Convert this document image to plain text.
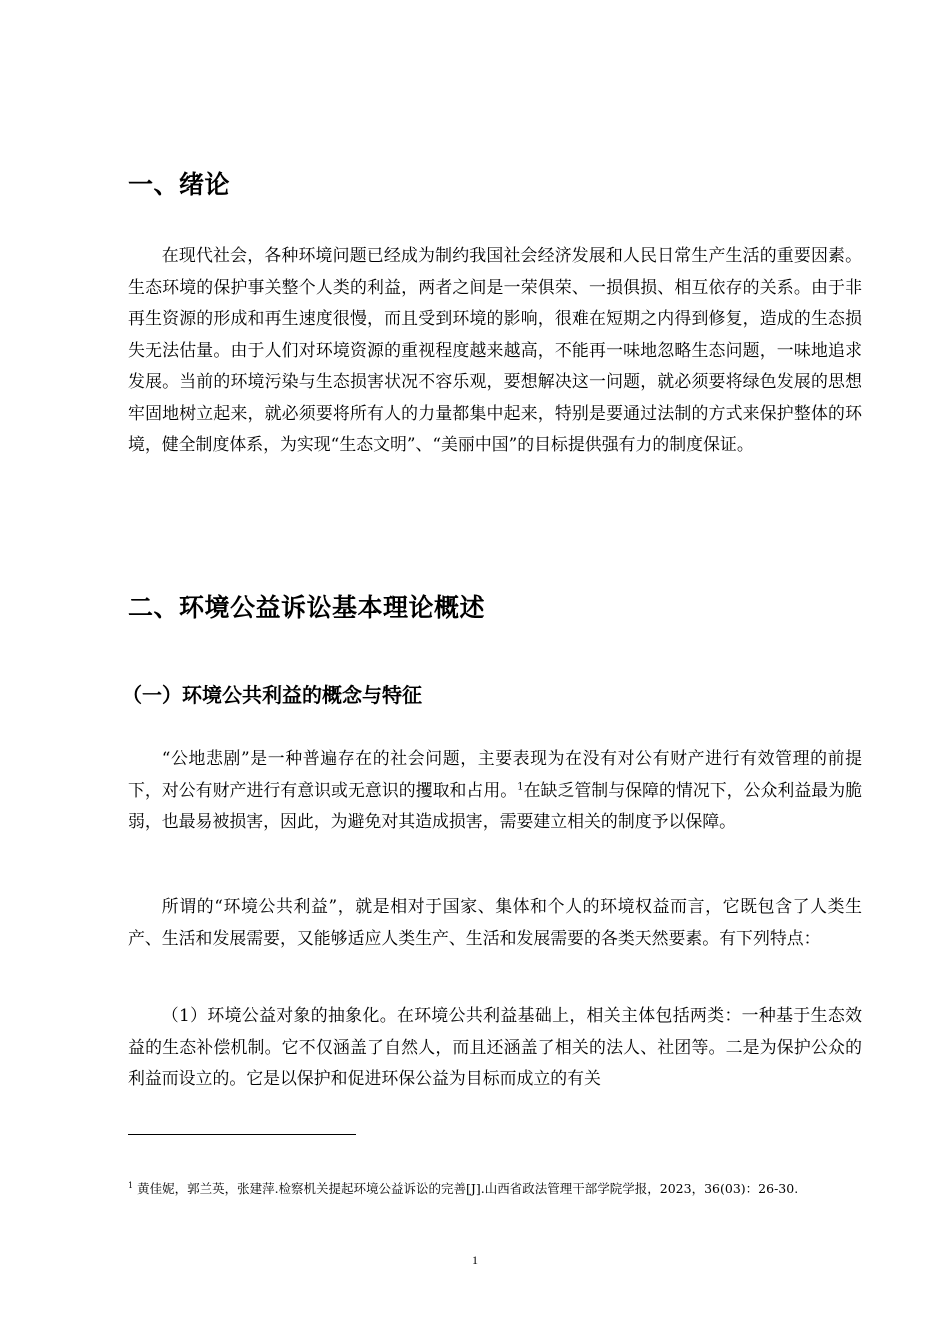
一、绪论

在现代社会，各种环境问题已经成为制约我国社会经济发展和人民日常生产生活的重要因素。生态环境的保护事关整个人类的利益，两者之间是一荣俱荣、一损俱损、相互依存的关系。由于非再生资源的形成和再生速度很慢，而且受到环境的影响，很难在短期之内得到修复，造成的生态损失无法估量。由于人们对环境资源的重视程度越来越高，不能再一味地忽略生态问题，一味地追求发展。当前的环境污染与生态损害状况不容乐观，要想解决这一问题，就必须要将绿色发展的思想牢固地树立起来，就必须要将所有人的力量都集中起来，特别是要通过法制的方式来保护整体的环境，健全制度体系，为实现“生态文明”、“美丽中国”的目标提供强有力的制度保证。

二、环境公益诉讼基本理论概述
（一）环境公共利益的概念与特征

“公地悲剧”是一种普遍存在的社会问题，主要表现为在没有对公有财产进行有效管理的前提下，对公有财产进行有意识或无意识的攫取和占用。$^1$在缺乏管制与保障的情况下，公众利益最为脆弱，也最易被损害，因此，为避免对其造成损害，需要建立相关的制度予以保障。

所谓的“环境公共利益”，就是相对于国家、集体和个人的环境权益而言，它既包含了人类生产、生活和发展需要，又能够适应人类生产、生活和发展需要的各类天然要素。有下列特点：

（1）环境公益对象的抽象化。在环境公共利益基础上，相关主体包括两类：一种基于生态效益的生态补偿机制。它不仅涵盖了自然人，而且还涵盖了相关的法人、社团等。二是为保护公众的利益而设立的。它是以保护和促进环保公益为目标而成立的有关

$^1$ 黄佳妮，郭兰英，张建萍.检察机关提起环境公益诉讼的完善[J].山西省政法管理干部学院学报，2023，36(03)：26-30.

1
